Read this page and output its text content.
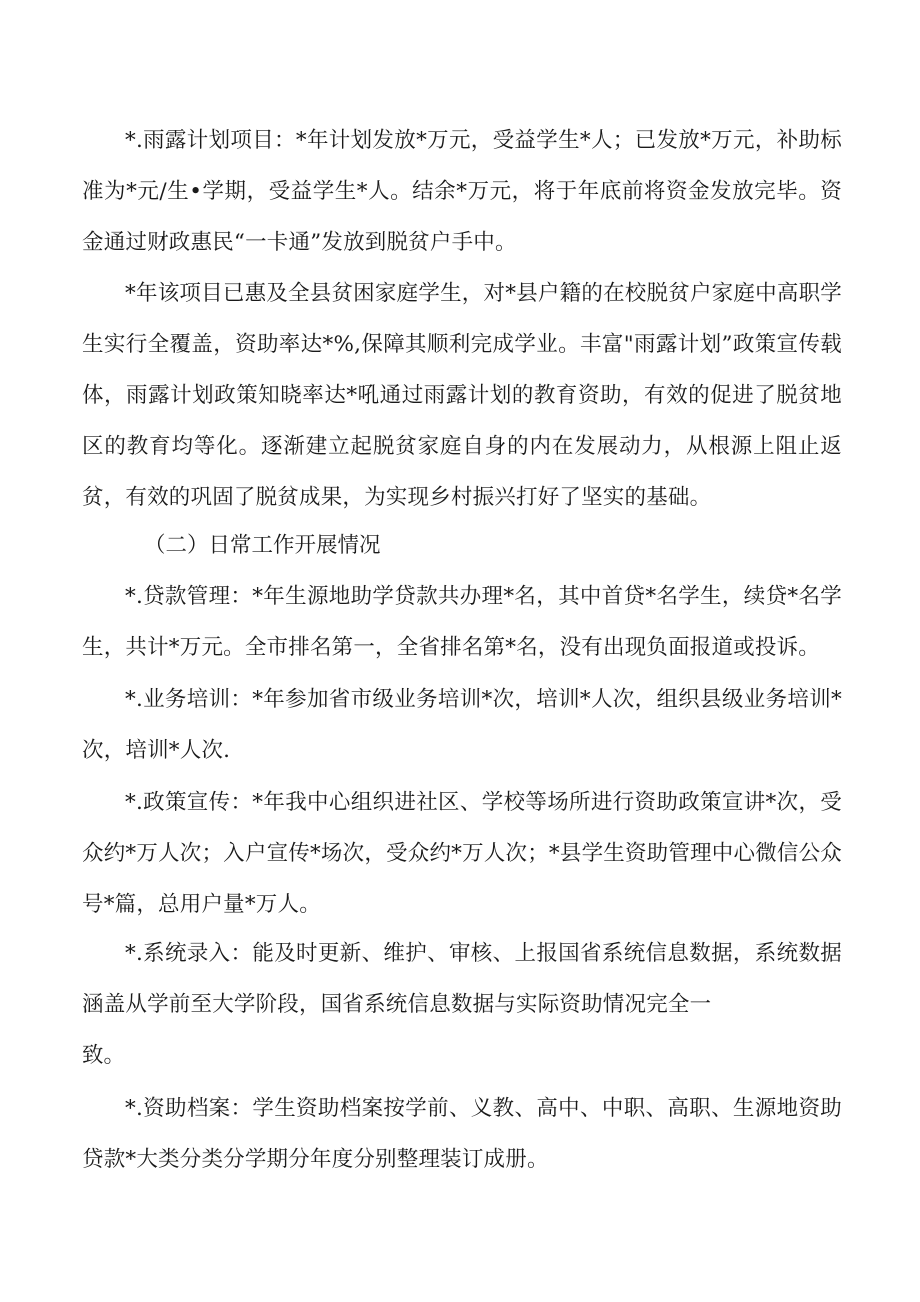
*.雨露计划项目：*年计划发放*万元，受益学生*人；已发放*万元，补助标准为*元/生•学期，受益学生*人。结余*万元，将于年底前将资金发放完毕。资金通过财政惠民“一卡通”发放到脱贫户手中。

*年该项目已惠及全县贫困家庭学生，对*县户籍的在校脱贫户家庭中高职学生实行全覆盖，资助率达*%,保障其顺利完成学业。丰富"雨露计划”政策宣传载体，雨露计划政策知晓率达*吼通过雨露计划的教育资助，有效的促进了脱贫地区的教育均等化。逐渐建立起脱贫家庭自身的内在发展动力，从根源上阻止返贫，有效的巩固了脱贫成果，为实现乡村振兴打好了坚实的基础。

（二）日常工作开展情况

*.贷款管理：*年生源地助学贷款共办理*名，其中首贷*名学生，续贷*名学生，共计*万元。全市排名第一，全省排名第*名，没有出现负面报道或投诉。

*.业务培训：*年参加省市级业务培训*次，培训*人次，组织县级业务培训*次，培训*人次.

*.政策宣传：*年我中心组织进社区、学校等场所进行资助政策宣讲*次，受众约*万人次；入户宣传*场次，受众约*万人次；*县学生资助管理中心微信公众号*篇，总用户量*万人。

*.系统录入：能及时更新、维护、审核、上报国省系统信息数据，系统数据涵盖从学前至大学阶段，国省系统信息数据与实际资助情况完全一

致。

*.资助档案：学生资助档案按学前、义教、高中、中职、高职、生源地资助贷款*大类分类分学期分年度分别整理装订成册。
